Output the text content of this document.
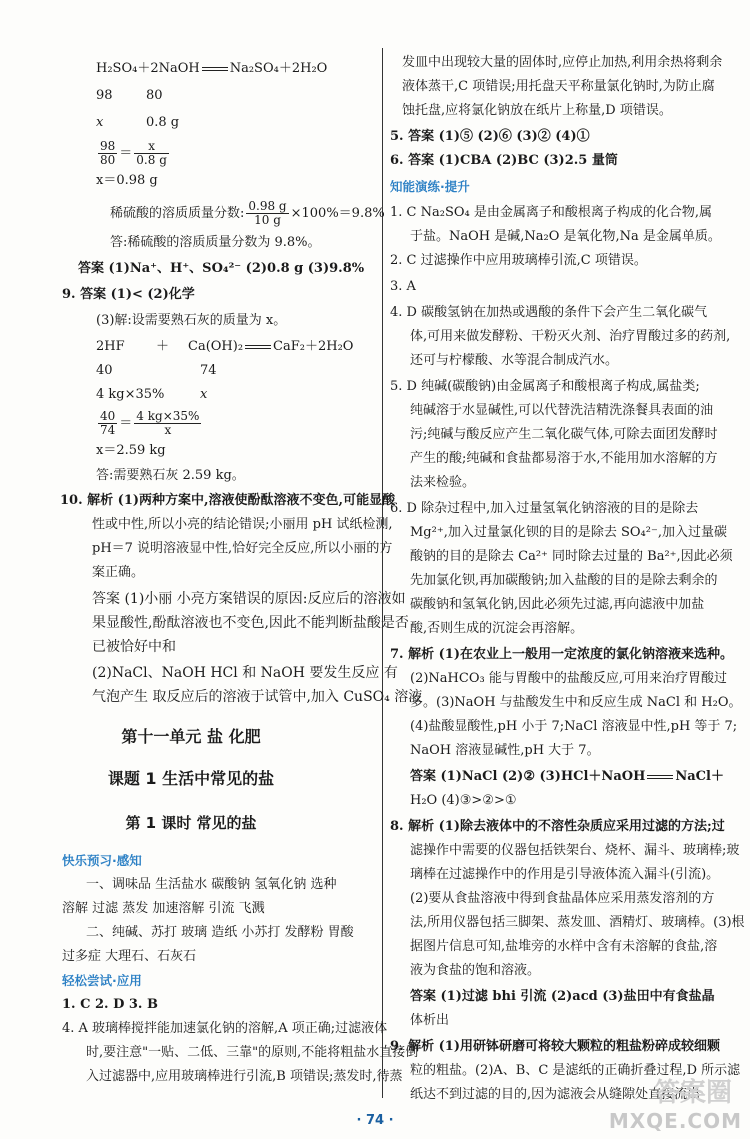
H₂SO₄＋2NaOH Na₂SO₄＋2H₂O
98	80
x	0.8 g
$\frac{98}{80} = \frac{x}{0.8 g}$
x＝0.98 g
稀硫酸的溶质质量分数: $\frac{0.98 g}{10 g} \times 100\%=9.8\%$
答:稀硫酸的溶质质量分数为 9.8%。
答案 (1)Na⁺、H⁺、SO₄²⁻ (2)0.8 g (3)9.8%
9. 答案 (1)< (2)化学
(3)解:设需要熟石灰的质量为 x。
2HF ＋ Ca(OH)₂ CaF₂＋2H₂O
40	74
4 kg×35%	x
$\frac{40}{74} = \frac{4 kg\times 35\%}{x}$
x＝2.59 kg
答:需要熟石灰 2.59 kg。
10. 解析 (1)两种方案中,溶液使酚酞溶液不变色,可能显酸
性或中性,所以小亮的结论错误;小丽用 pH 试纸检测,
pH＝7 说明溶液显中性,恰好完全反应,所以小丽的方
案正确。
答案 (1)小丽 小亮方案错误的原因:反应后的溶液如
果显酸性,酚酞溶液也不变色,因此不能判断盐酸是否
已被恰好中和
(2)NaCl、NaOH HCl 和 NaOH 要发生反应 有
气泡产生 取反应后的溶液于试管中,加入 CuSO₄ 溶液
第十一单元 盐 化肥
课题 1 生活中常见的盐
第 1 课时 常见的盐
快乐预习·感知
一、调味品 生活盐水 碳酸钠 氢氧化钠 选种
溶解 过滤 蒸发 加速溶解 引流 飞溅
二、纯碱、苏打 玻璃 造纸 小苏打 发酵粉 胃酸
过多症 大理石、石灰石
轻松尝试·应用
1. C 2. D 3. B
4. A 玻璃棒搅拌能加速氯化钠的溶解,A 项正确;过滤液体
时,要注意"一贴、二低、三靠"的原则,不能将粗盐水直接倒
入过滤器中,应用玻璃棒进行引流,B 项错误;蒸发时,待蒸
发皿中出现较大量的固体时,应停止加热,利用余热将剩余
液体蒸干,C 项错误;用托盘天平称量氯化钠时,为防止腐
蚀托盘,应将氯化钠放在纸片上称量,D 项错误。
5. 答案 (1)⑤ (2)⑥ (3)② (4)①
6. 答案 (1)CBA (2)BC (3)2.5 量筒
知能演练·提升
1. C Na₂SO₄ 是由金属离子和酸根离子构成的化合物,属
于盐。NaOH 是碱,Na₂O 是氧化物,Na 是金属单质。
2. C 过滤操作中应用玻璃棒引流,C 项错误。
3. A
4. D 碳酸氢钠在加热或遇酸的条件下会产生二氧化碳气
体,可用来做发酵粉、干粉灭火剂、治疗胃酸过多的药剂,
还可与柠檬酸、水等混合制成汽水。
5. D 纯碱(碳酸钠)由金属离子和酸根离子构成,属盐类;
纯碱溶于水显碱性,可以代替洗洁精洗涤餐具表面的油
污;纯碱与酸反应产生二氧化碳气体,可除去面团发酵时
产生的酸;纯碱和食盐都易溶于水,不能用加水溶解的方
法来检验。
6. D 除杂过程中,加入过量氢氧化钠溶液的目的是除去
Mg²⁺,加入过量氯化钡的目的是除去 SO₄²⁻,加入过量碳
酸钠的目的是除去 Ca²⁺ 同时除去过量的 Ba²⁺,因此必须
先加氯化钡,再加碳酸钠;加入盐酸的目的是除去剩余的
碳酸钠和氢氧化钠,因此必须先过滤,再向滤液中加盐
酸,否则生成的沉淀会再溶解。
7. 解析 (1)在农业上一般用一定浓度的氯化钠溶液来选种。
(2)NaHCO₃ 能与胃酸中的盐酸反应,可用来治疗胃酸过
多。(3)NaOH 与盐酸发生中和反应生成 NaCl 和 H₂O。
(4)盐酸显酸性,pH 小于 7;NaCl 溶液显中性,pH 等于 7;
NaOH 溶液显碱性,pH 大于 7。
答案 (1)NaCl (2)② (3)HCl＋NaOH NaCl＋
H₂O (4)③>②>①
8. 解析 (1)除去液体中的不溶性杂质应采用过滤的方法;过
滤操作中需要的仪器包括铁架台、烧杯、漏斗、玻璃棒;玻
璃棒在过滤操作中的作用是引导液体流入漏斗(引流)。
(2)要从食盐溶液中得到食盐晶体应采用蒸发溶剂的方
法,所用仪器包括三脚架、蒸发皿、酒精灯、玻璃棒。(3)根
据图片信息可知,盐堆旁的水样中含有未溶解的食盐,溶
液为食盐的饱和溶液。
答案 (1)过滤 bhi 引流 (2)acd (3)盐田中有食盐晶
体析出
9. 解析 (1)用研钵研磨可将较大颗粒的粗盐粉碎成较细颗
粒的粗盐。(2)A、B、C 是滤纸的正确折叠过程,D 所示滤
纸达不到过滤的目的,因为滤液会从缝隙处直接流出
· 74 ·
答案圈
MXQE.COM
